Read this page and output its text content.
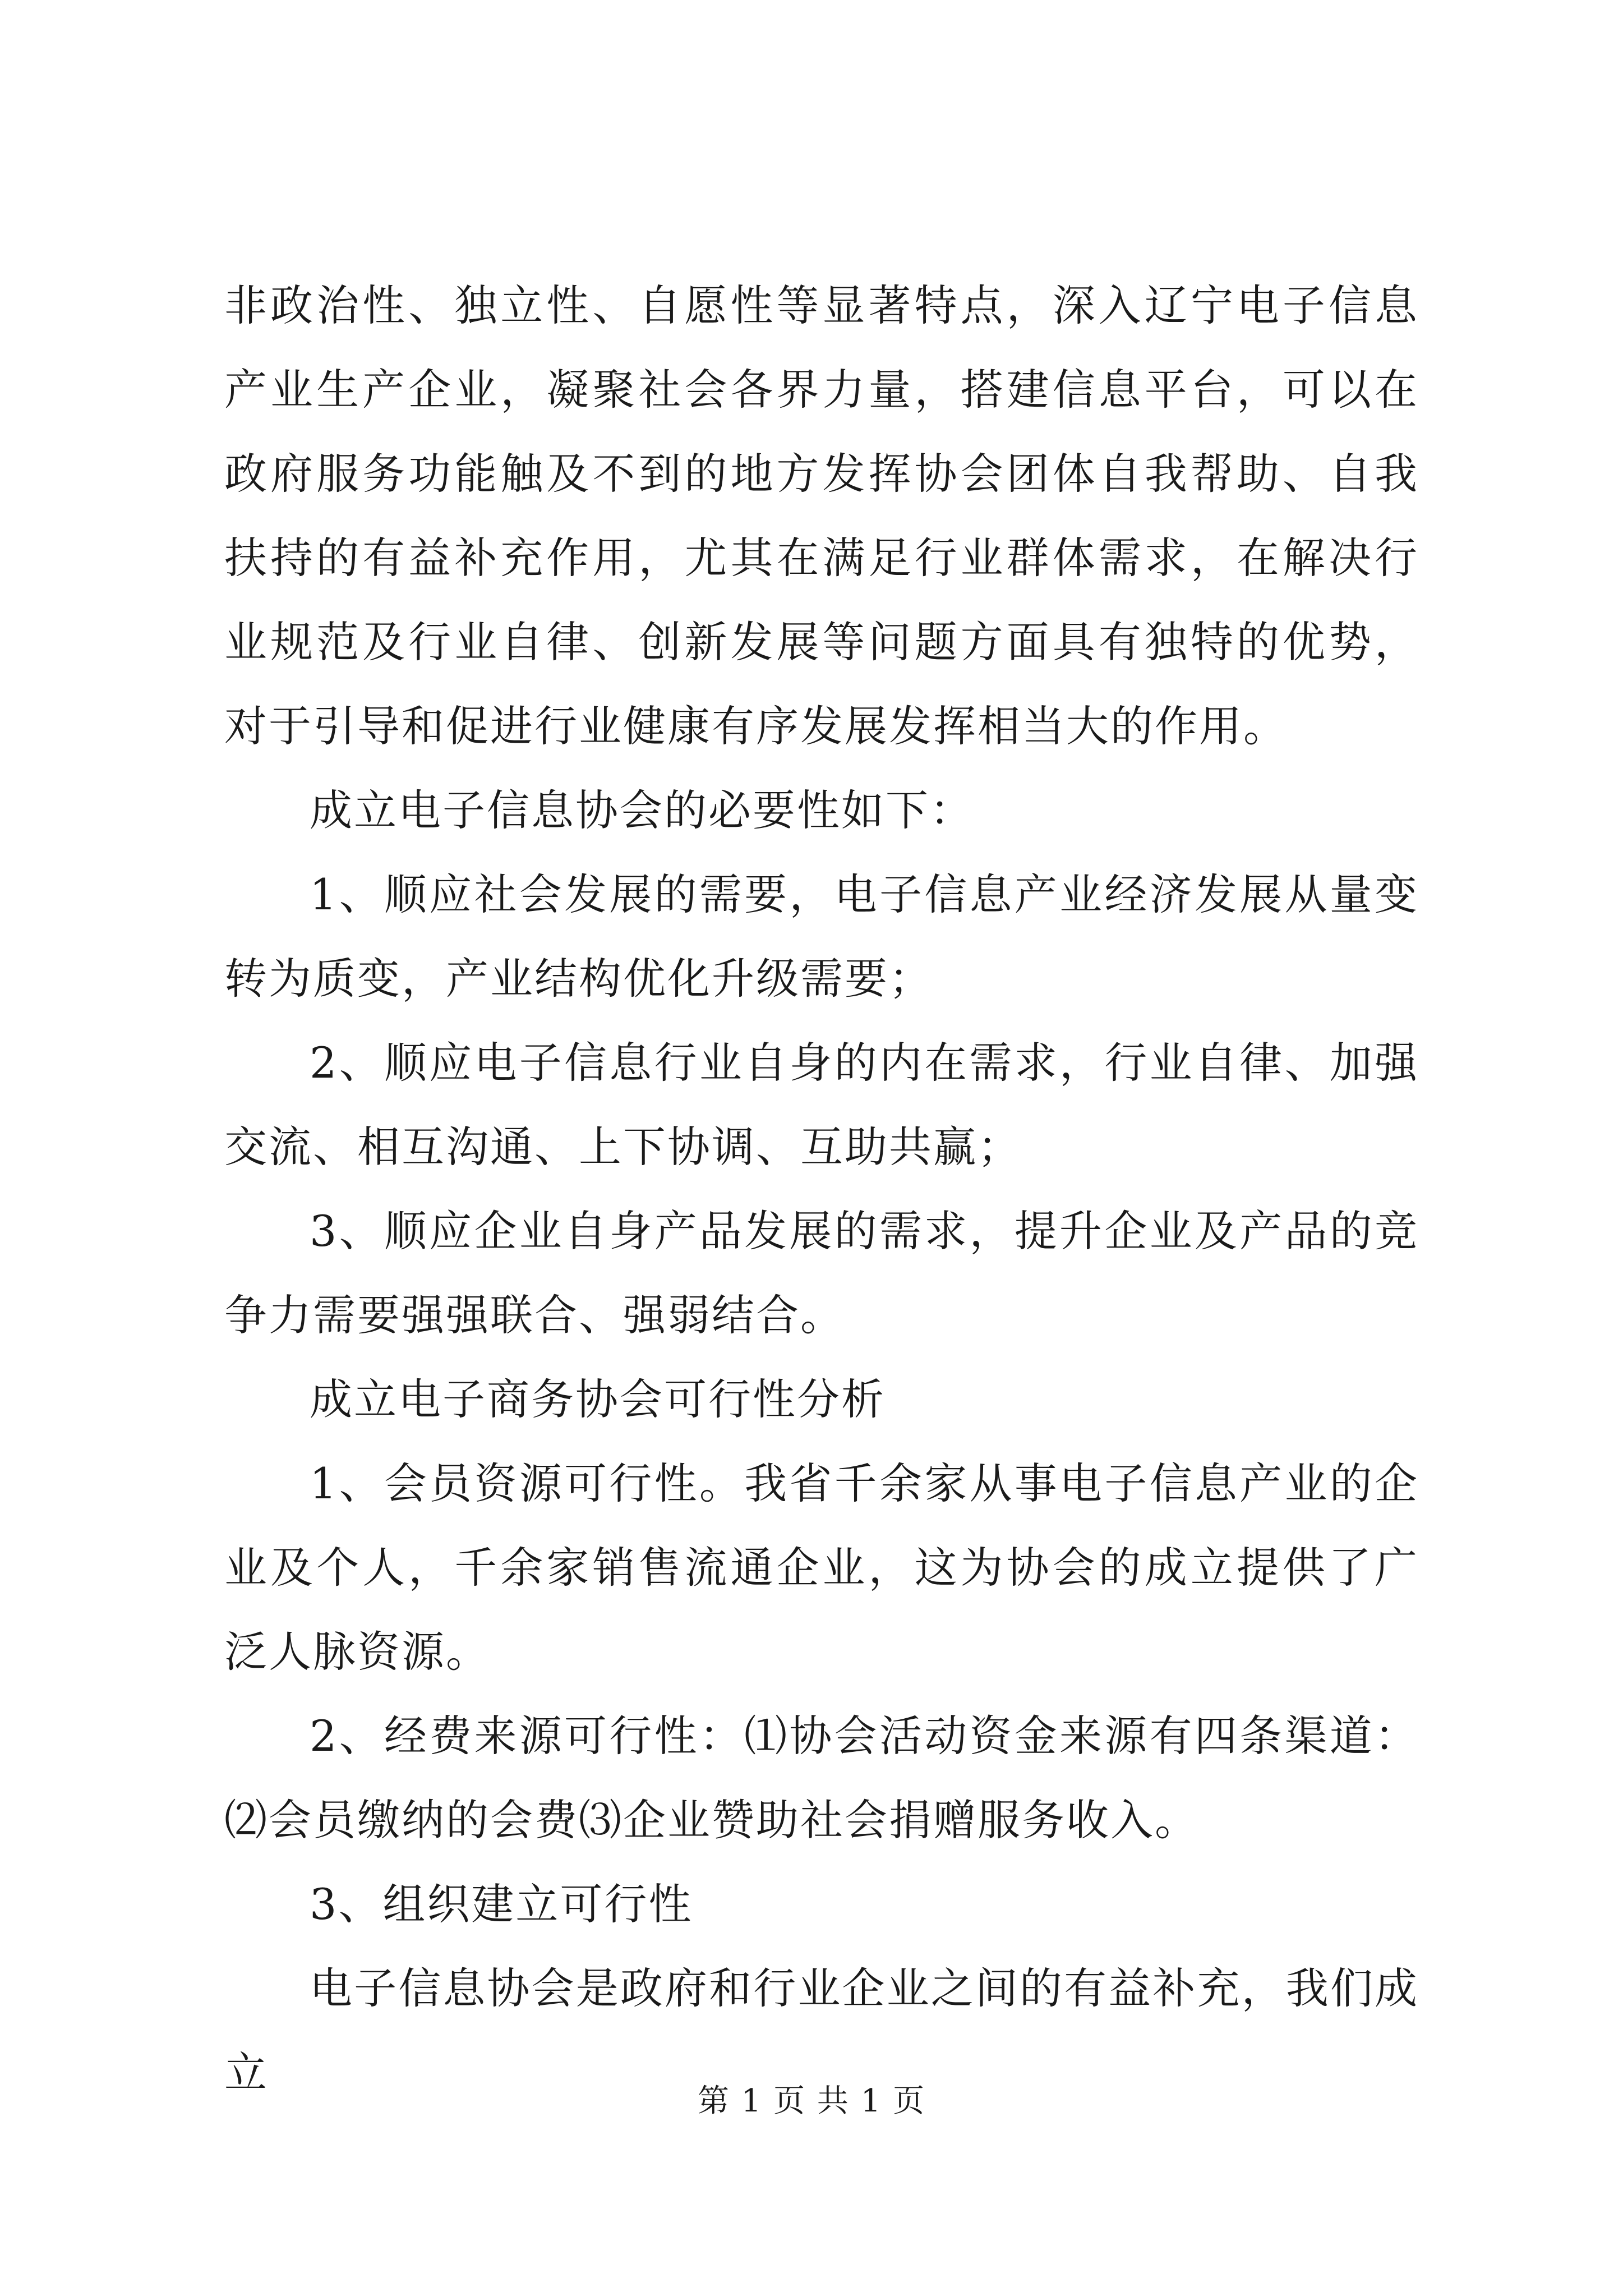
非政治性、独立性、自愿性等显著特点，深入辽宁电子信息产业生产企业，凝聚社会各界力量，搭建信息平台，可以在政府服务功能触及不到的地方发挥协会团体自我帮助、自我扶持的有益补充作用，尤其在满足行业群体需求，在解决行业规范及行业自律、创新发展等问题方面具有独特的优势，对于引导和促进行业健康有序发展发挥相当大的作用。

成立电子信息协会的必要性如下：

1、顺应社会发展的需要，电子信息产业经济发展从量变转为质变，产业结构优化升级需要；

2、顺应电子信息行业自身的内在需求，行业自律、加强交流、相互沟通、上下协调、互助共赢；

3、顺应企业自身产品发展的需求，提升企业及产品的竞争力需要强强联合、强弱结合。

成立电子商务协会可行性分析

1、会员资源可行性。我省千余家从事电子信息产业的企业及个人，千余家销售流通企业，这为协会的成立提供了广泛人脉资源。

2、经费来源可行性：⑴协会活动资金来源有四条渠道：⑵会员缴纳的会费⑶企业赞助社会捐赠服务收入。

3、组织建立可行性

电子信息协会是政府和行业企业之间的有益补充，我们成立

第 1 页 共 1 页
